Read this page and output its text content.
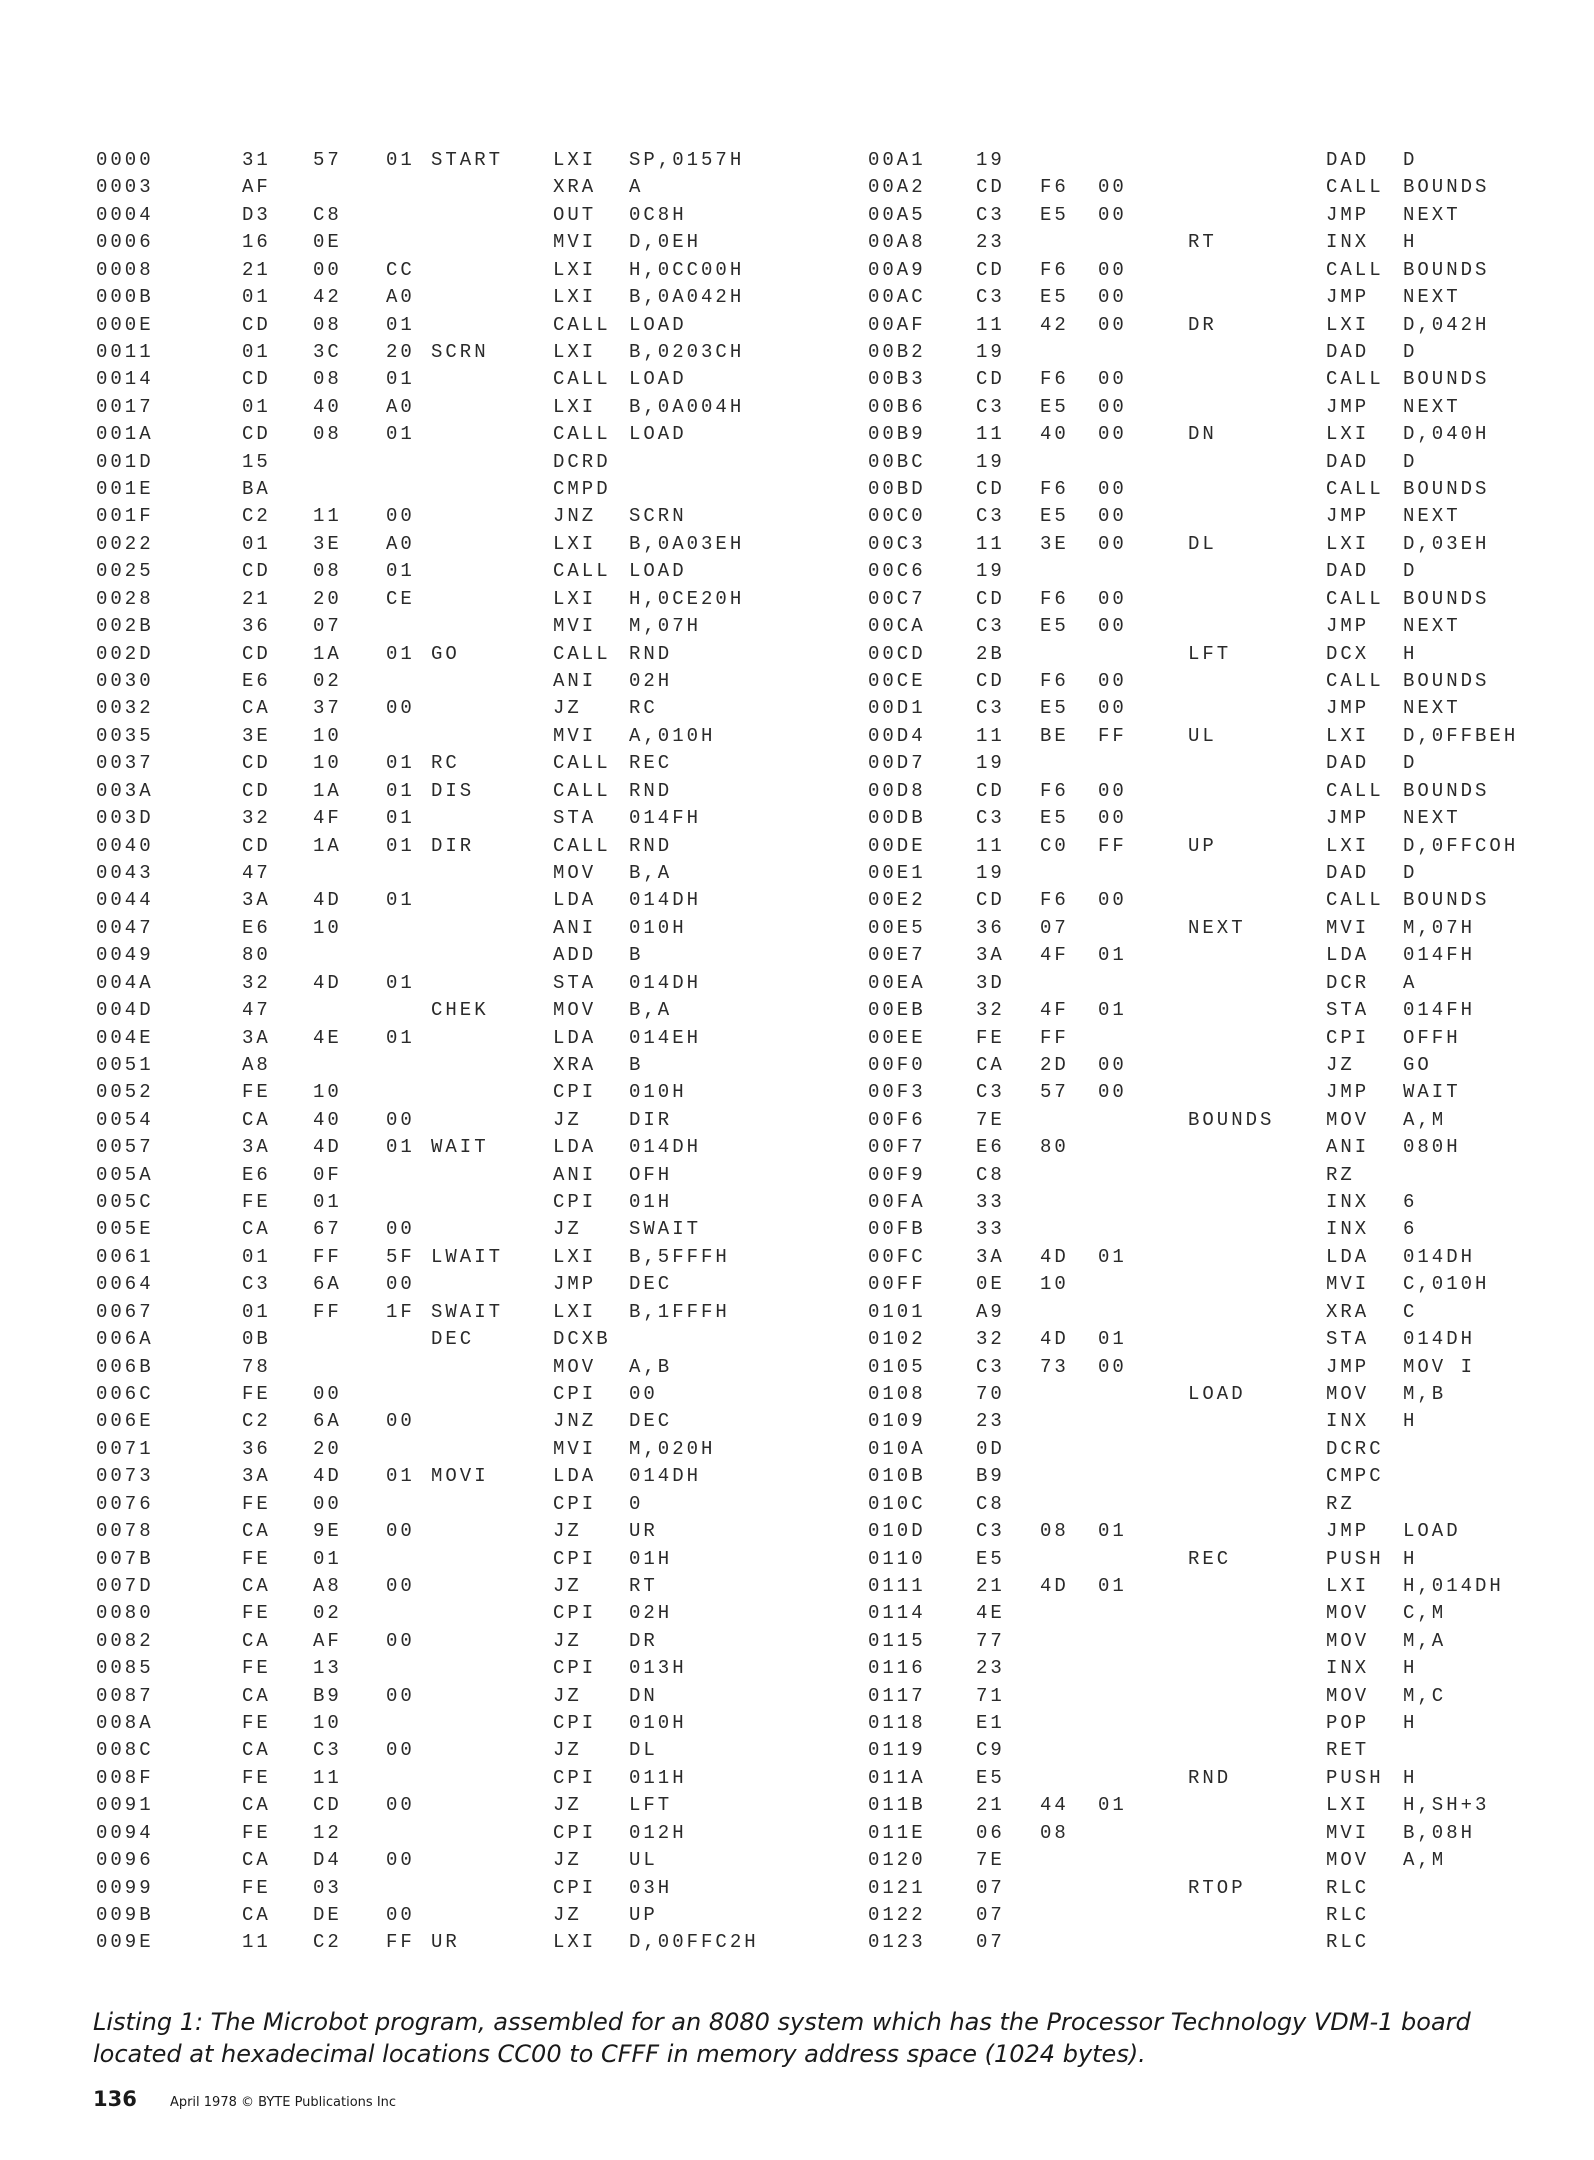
0000	31 57 01 START	LXI SP,0157H
0003	AF	XRA A
0004	D3 C8	OUT 0C8H
0006	16 0E	MVI D,0EH
0008	21 00 CC	LXI H,0CC00H
000B	01 42 A0	LXI B,0A042H
000E	CD 08 01	CALL LOAD
0011	01 3C 20 SCRN	LXI B,0203CH
0014	CD 08 01	CALL LOAD
0017	01 40 A0	LXI B,0A004H
001A	CD 08 01	CALL LOAD
001D	15	DCRD
001E	BA	CMPD
001F	C2 11 00	JNZ SCRN
0022	01 3E A0	LXI B,0A03EH
0025	CD 08 01	CALL LOAD
0028	21 20 CE	LXI H,0CE20H
002B	36 07	MVI M,07H
002D	CD 1A 01 GO	CALL RND
0030	E6 02	ANI 02H
0032	CA 37 00	JZ RC
0035	3E 10	MVI A,010H
0037	CD 10 01 RC	CALL REC
003A	CD 1A 01 DIS	CALL RND
003D	32 4F 01	STA 014FH
0040	CD 1A 01 DIR	CALL RND
0043	47	MOV B,A
0044	3A 4D 01	LDA 014DH
0047	E6 10	ANI 010H
0049	80	ADD B
004A	32 4D 01	STA 014DH
004D	47	CHEK	MOV B,A
004E	3A 4E 01	LDA 014EH
0051	A8	XRA B
0052	FE 10	CPI 010H
0054	CA 40 00	JZ DIR
0057	3A 4D 01 WAIT	LDA 014DH
005A	E6 0F	ANI OFH
005C	FE 01	CPI 01H
005E	CA 67 00	JZ SWAIT
0061	01 FF 5F LWAIT	LXI B,5FFFH
0064	C3 6A 00	JMP DEC
0067	01 FF 1F SWAIT	LXI B,1FFFH
006A	0B	DEC	DCXB
006B	78	MOV A,B
006C	FE 00	CPI 00
006E	C2 6A 00	JNZ DEC
0071	36 20	MVI M,020H
0073	3A 4D 01 MOVI	LDA 014DH
0076	FE 00	CPI 0
0078	CA 9E 00	JZ UR
007B	FE 01	CPI 01H
007D	CA A8 00	JZ RT
0080	FE 02	CPI 02H
0082	CA AF 00	JZ DR
0085	FE 13	CPI 013H
0087	CA B9 00	JZ DN
008A	FE 10	CPI 010H
008C	CA C3 00	JZ DL
008F	FE 11	CPI 011H
0091	CA CD 00	JZ LFT
0094	FE 12	CPI 012H
0096	CA D4 00	JZ UL
0099	FE 03	CPI 03H
009B	CA DE 00	JZ UP
009E	11 C2 FF UR	LXI D,00FFC2H
00A1	19	DAD D
00A2	CD F6 00	CALL BOUNDS
00A5	C3 E5 00	JMP NEXT
00A8	23	RT	INX H
00A9	CD F6 00	CALL BOUNDS
00AC	C3 E5 00	JMP NEXT
00AF	11 42 00	DR	LXI D,042H
00B2	19	DAD D
00B3	CD F6 00	CALL BOUNDS
00B6	C3 E5 00	JMP NEXT
00B9	11 40 00	DN	LXI D,040H
00BC	19	DAD D
00BD	CD F6 00	CALL BOUNDS
00C0	C3 E5 00	JMP NEXT
00C3	11 3E 00	DL	LXI D,03EH
00C6	19	DAD D
00C7	CD F6 00	CALL BOUNDS
00CA	C3 E5 00	JMP NEXT
00CD	2B	LFT	DCX H
00CE	CD F6 00	CALL BOUNDS
00D1	C3 E5 00	JMP NEXT
00D4	11 BE FF	UL	LXI D,0FFBEH
00D7	19	DAD D
00D8	CD F6 00	CALL BOUNDS
00DB	C3 E5 00	JMP NEXT
00DE	11 C0 FF	UP	LXI D,0FFCOH
00E1	19	DAD D
00E2	CD F6 00	CALL BOUNDS
00E5	36 07	NEXT	MVI M,07H
00E7	3A 4F 01	LDA 014FH
00EA	3D	DCR A
00EB	32 4F 01	STA 014FH
00EE	FE FF	CPI OFFH
00F0	CA 2D 00	JZ	GO
00F3	C3 57 00	JMP WAIT
00F6	7E	BOUNDS	MOV A,M
00F7	E6 80	ANI 080H
00F9	C8	RZ
00FA	33	INX 6
00FB	33	INX 6
00FC	3A 4D 01	LDA 014DH
00FF	0E 10	MVI C,010H
0101	A9	XRA C
0102	32 4D 01	STA 014DH
0105	C3 73 00	JMP MOV I
0108	70	LOAD	MOV M,B
0109	23	INX H
010A	0D	DCRC
010B	B9	CMPC
010C	C8	RZ
010D	C3 08 01	JMP LOAD
0110	E5	REC	PUSH H
0111	21 4D 01	LXI H,014DH
0114	4E	MOV C,M
0115	77	MOV M,A
0116	23	INX H
0117	71	MOV M,C
0118	E1	POP H
0119	C9	RET
011A	E5	RND	PUSH H
011B	21 44 01	LXI H,SH+3
011E	06 08	MVI B,08H
0120	7E	MOV A,M
0121	07	RTOP	RLC
0122	07	RLC
0123	07	RLC

Listing 1: The Microbot program, assembled for an 8080 system which has the Processor Technology VDM-1 board located at hexadecimal locations CC00 to CFFF in memory address space (1024 bytes).

136	April 1978 © BYTE Publications Inc
